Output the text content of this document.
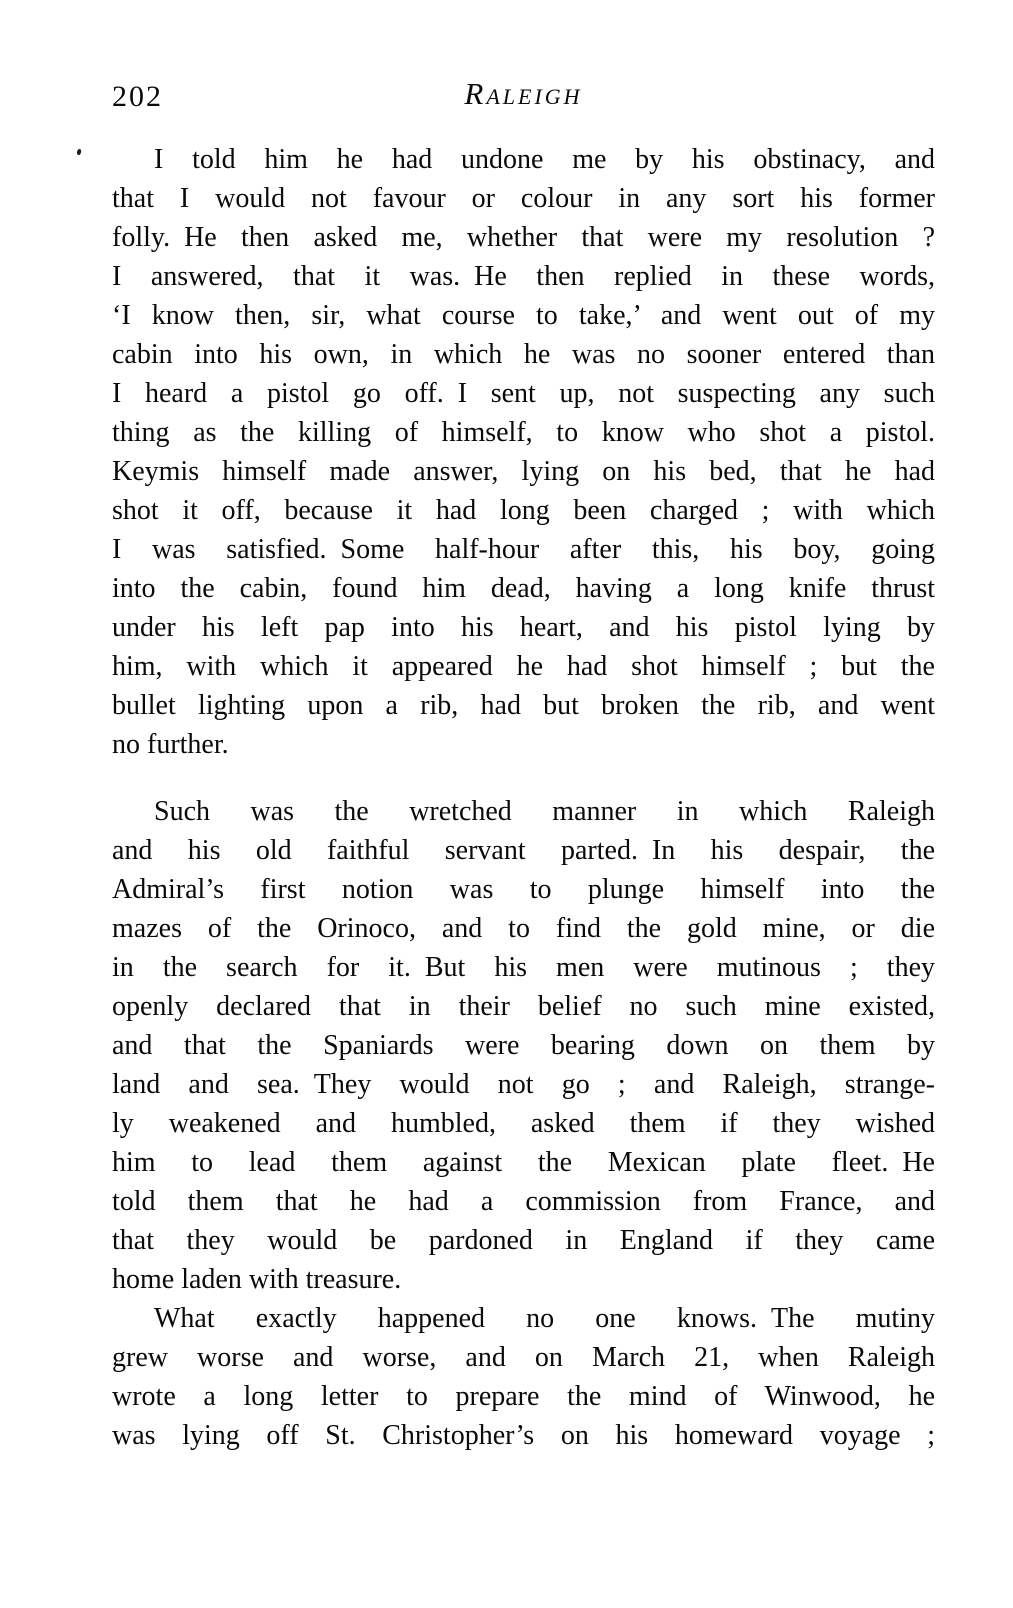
202	Raleigh
I told him he had undone me by his obstinacy, and
that I would not favour or colour in any sort his former
folly. He then asked me, whether that were my resolution ?
I answered, that it was. He then replied in these words,
‘I know then, sir, what course to take,’ and went out of my
cabin into his own, in which he was no sooner entered than
I heard a pistol go off. I sent up, not suspecting any such
thing as the killing of himself, to know who shot a pistol.
Keymis himself made answer, lying on his bed, that he had
shot it off, because it had long been charged ; with which
I was satisfied. Some half-hour after this, his boy, going
into the cabin, found him dead, having a long knife thrust
under his left pap into his heart, and his pistol lying by
him, with which it appeared he had shot himself ; but the
bullet lighting upon a rib, had but broken the rib, and went
no further.
Such was the wretched manner in which Raleigh
and his old faithful servant parted. In his despair, the
Admiral’s first notion was to plunge himself into the
mazes of the Orinoco, and to find the gold mine, or die
in the search for it. But his men were mutinous ; they
openly declared that in their belief no such mine existed,
and that the Spaniards were bearing down on them by
land and sea. They would not go ; and Raleigh, strange-
ly weakened and humbled, asked them if they wished
him to lead them against the Mexican plate fleet. He
told them that he had a commission from France, and
that they would be pardoned in England if they came
home laden with treasure.
What exactly happened no one knows. The mutiny
grew worse and worse, and on March 21, when Raleigh
wrote a long letter to prepare the mind of Winwood, he
was lying off St. Christopher’s on his homeward voyage ;
